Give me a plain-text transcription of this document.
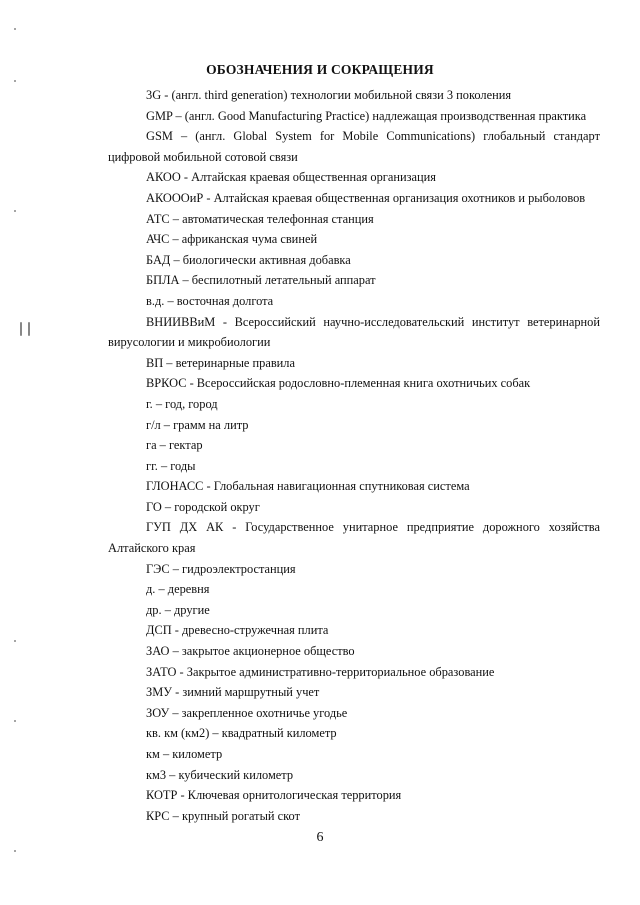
ОБОЗНАЧЕНИЯ И СОКРАЩЕНИЯ
3G - (англ. third generation) технологии мобильной связи 3 поколения
GMP – (англ. Good Manufacturing Practice) надлежащая производственная практика
GSM – (англ. Global System for Mobile Communications) глобальный стандарт цифровой мобильной сотовой связи
АКОО - Алтайская краевая общественная организация
АКОООиР - Алтайская краевая общественная организация охотников и рыболовов
АТС – автоматическая телефонная станция
АЧС – африканская чума свиней
БАД – биологически активная добавка
БПЛА – беспилотный летательный аппарат
в.д. – восточная долгота
ВНИИВВиМ - Всероссийский научно-исследовательский институт ветеринарной вирусологии и микробиологии
ВП – ветеринарные правила
ВРКОС - Всероссийская родословно-племенная книга охотничьих собак
г. – год, город
г/л – грамм на литр
га – гектар
гг. – годы
ГЛОНАСС - Глобальная навигационная спутниковая система
ГО – городской округ
ГУП ДХ АК - Государственное унитарное предприятие дорожного хозяйства Алтайского края
ГЭС – гидроэлектростанция
д. – деревня
др. – другие
ДСП - древесно-стружечная плита
ЗАО – закрытое акционерное общество
ЗАТО - Закрытое административно-территориальное образование
ЗМУ - зимний маршрутный учет
ЗОУ – закрепленное охотничье угодье
кв. км (км2) – квадратный километр
км – километр
км3 – кубический километр
КОТР - Ключевая орнитологическая территория
КРС – крупный рогатый скот
6
